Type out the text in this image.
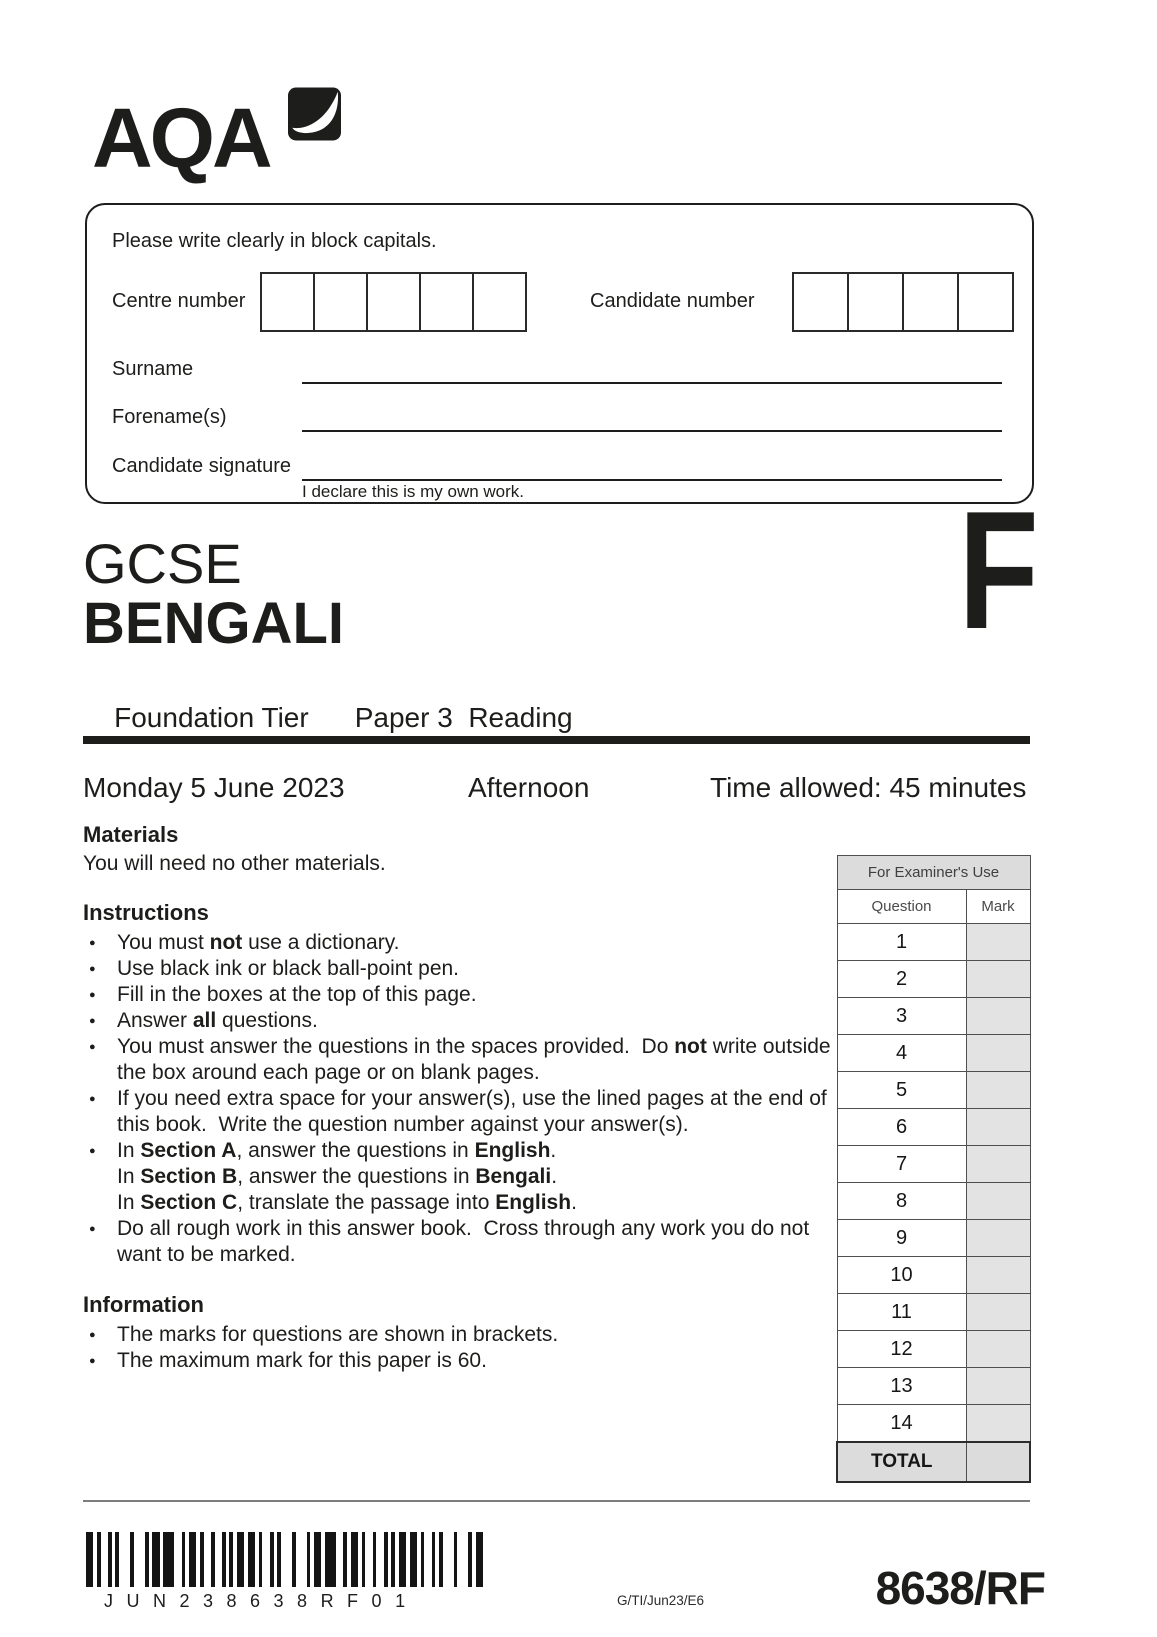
AQA
Please write clearly in block capitals.
Centre number	Candidate number
Surname
Forename(s)
Candidate signature
I declare this is my own work.
GCSE
BENGALI	F

Foundation Tier Paper 3  Reading

Monday 5 June 2023	Afternoon	Time allowed: 45 minutes
Materials
You will need no other materials.
Instructions
● You must not use a dictionary.
● Use black ink or black ball-point pen.
● Fill in the boxes at the top of this page.
● Answer all questions.
● You must answer the questions in the spaces provided.  Do not write outside the box around each page or on blank pages.
● If you need extra space for your answer(s), use the lined pages at the end of this book.  Write the question number against your answer(s).
● In Section A, answer the questions in English.
In Section B, answer the questions in Bengali.
In Section C, translate the passage into English.
● Do all rough work in this answer book.  Cross through any work you do not want to be marked.
Information
● The marks for questions are shown in brackets.
● The maximum mark for this paper is 60.
For Examiner's Use	
Question	Mark
1	
2	
3	
4	
5	
6	
7	
8	
9	
10	
11	
12	
13	
14	
TOTAL	
JUN238638RF01	G/TI/Jun23/E6	8638/RF
